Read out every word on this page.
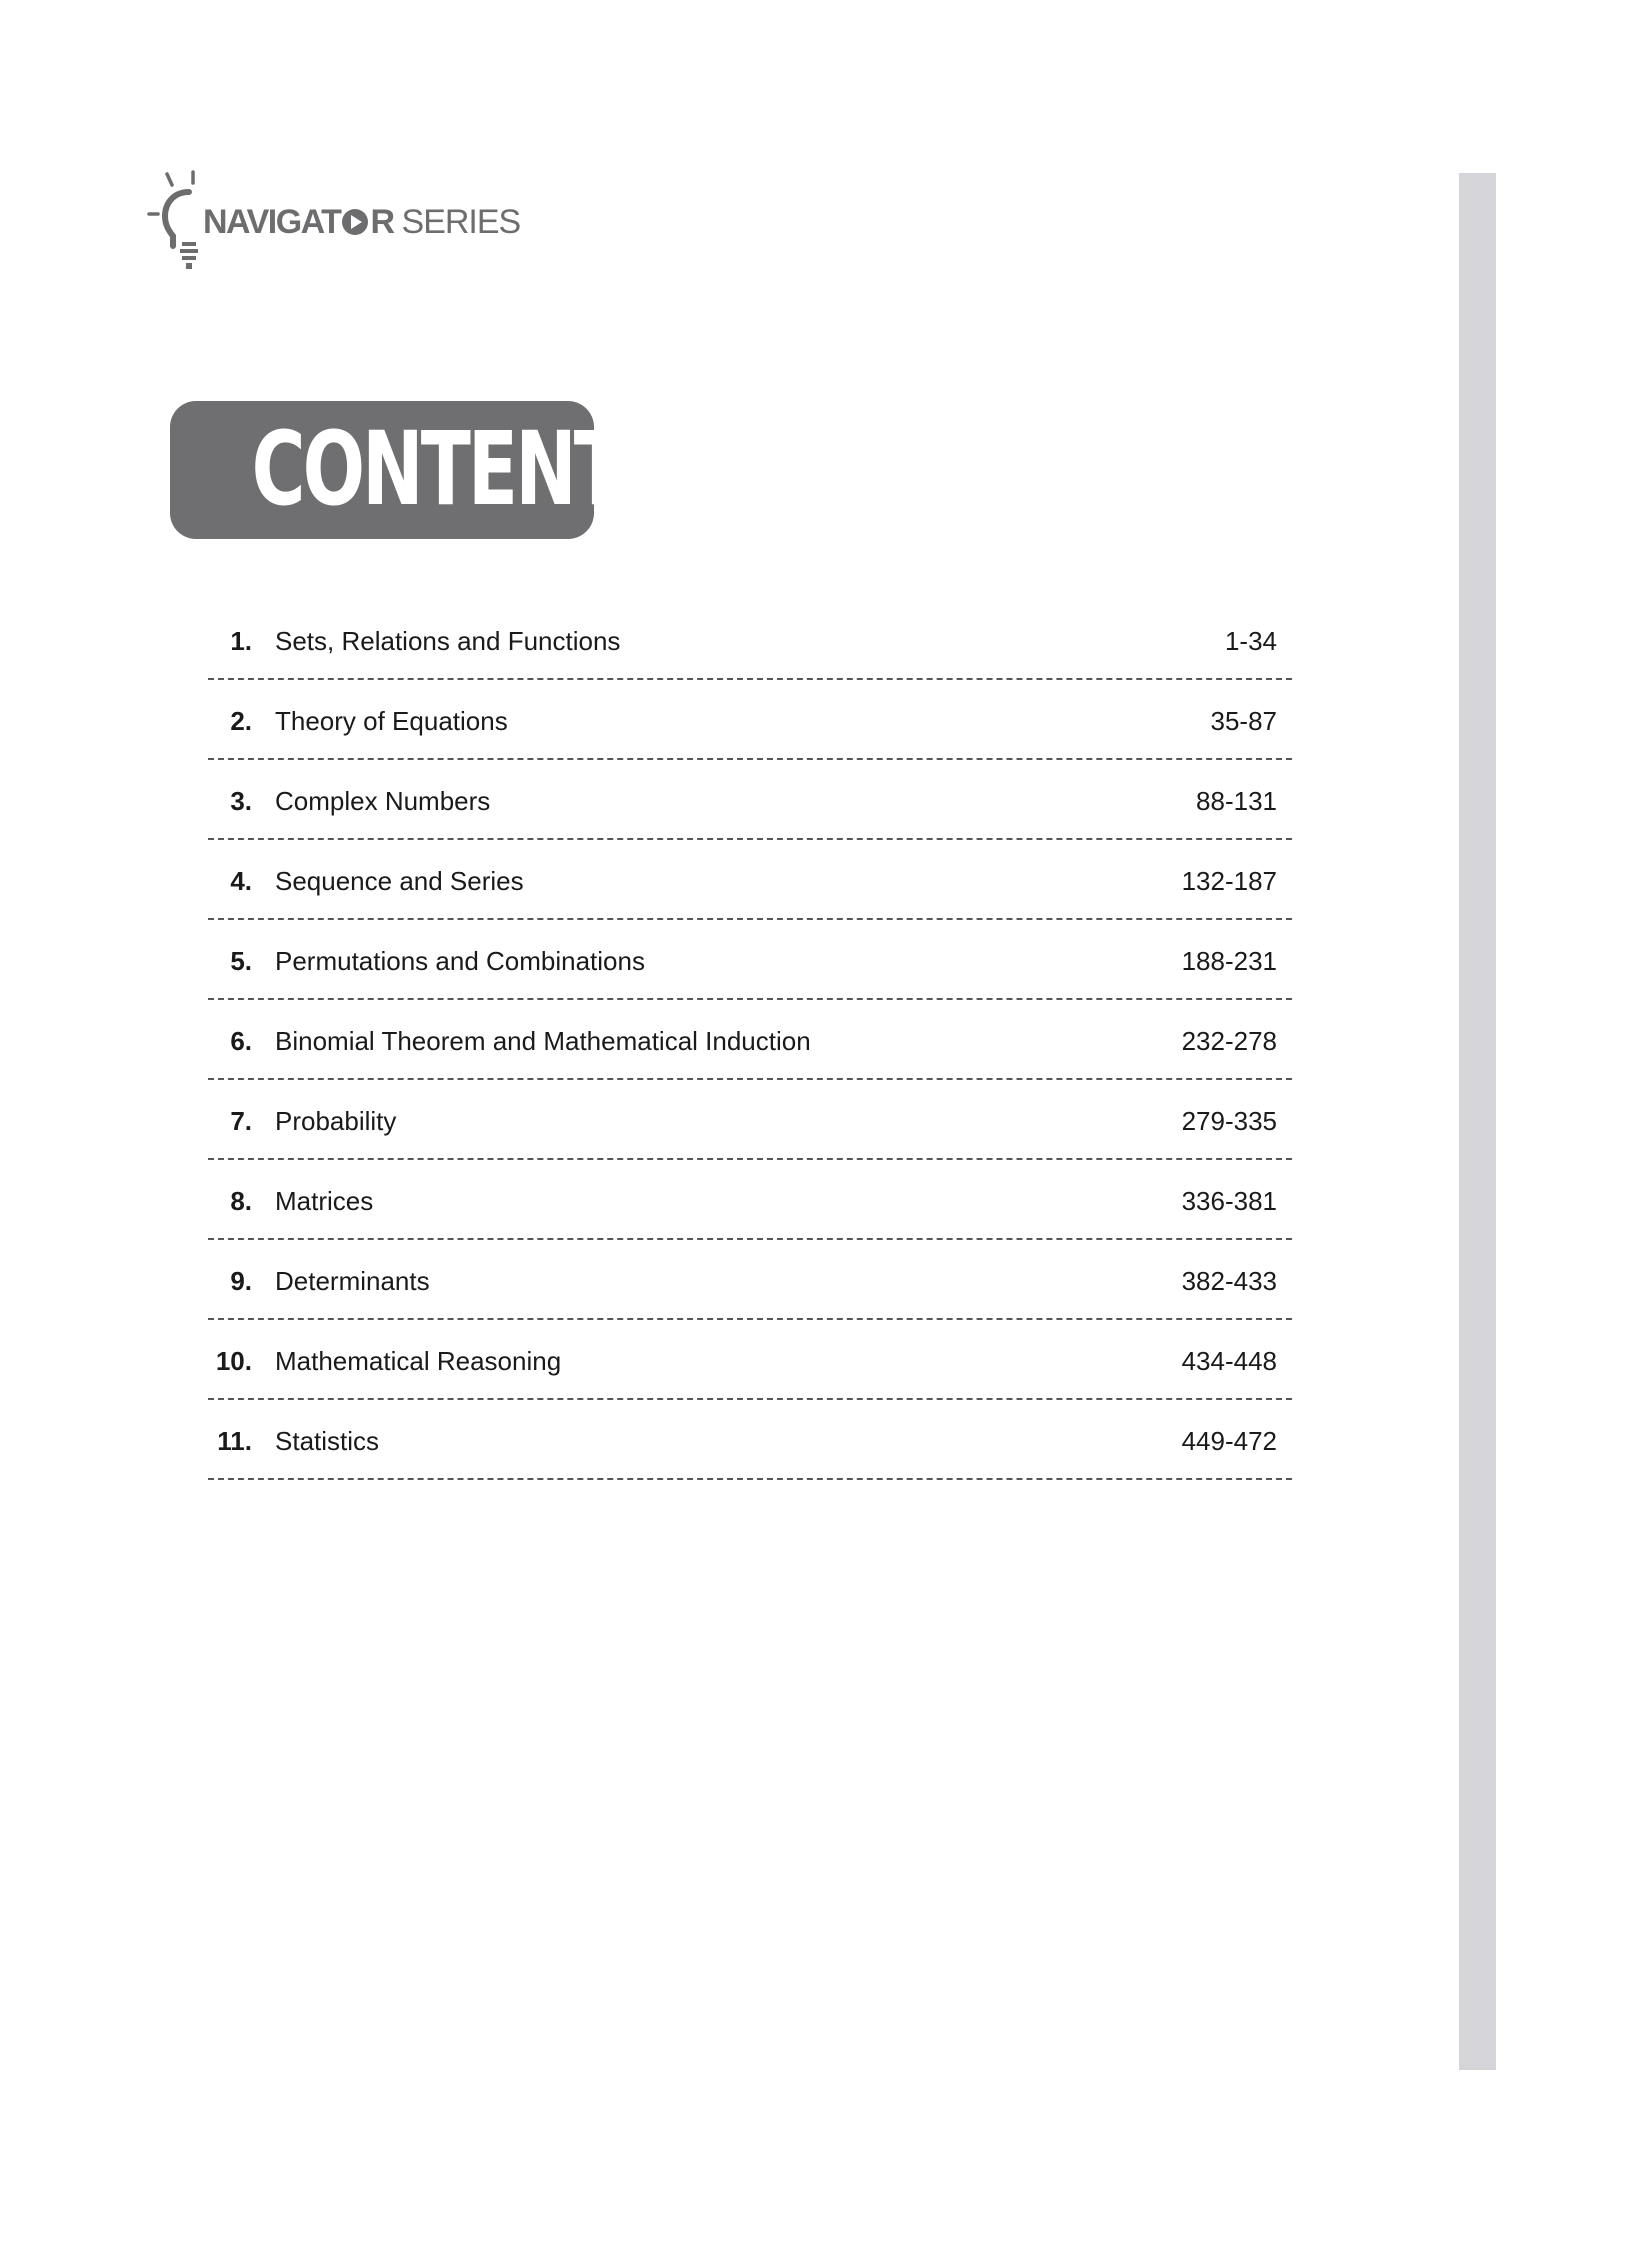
NAVIGAT R SERIES
CONTENTS
1. Sets, Relations and Functions	1-34
2. Theory of Equations	35-87
3. Complex Numbers	88-131
4. Sequence and Series	132-187
5. Permutations and Combinations	188-231
6. Binomial Theorem and Mathematical Induction	232-278
7. Probability	279-335
8. Matrices	336-381
9. Determinants	382-433
10. Mathematical Reasoning	434-448
11. Statistics	449-472
